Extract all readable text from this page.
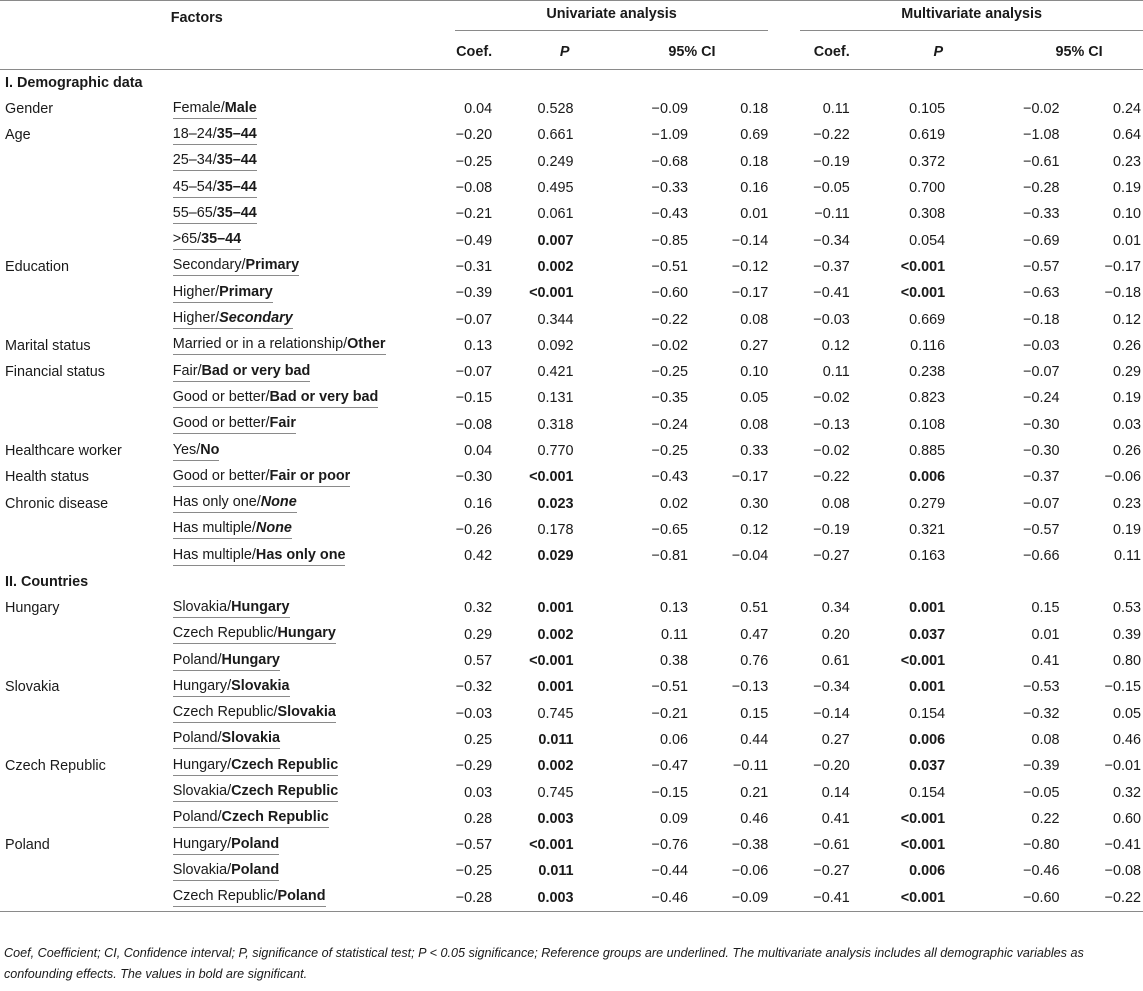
	Factors	Univariate analysis				Multivariate analysis			

		Coef.	P	95% CI		Coef.	P	95% CI	

I. Demographic data									
Gender	Female/Male	0.04	0.528	−0.09	0.18	0.11	0.105	−0.02	0.24
Age	18–24/35–44	−0.20	0.661	−1.09	0.69	−0.22	0.619	−1.08	0.64
	25–34/35–44	−0.25	0.249	−0.68	0.18	−0.19	0.372	−0.61	0.23
	45–54/35–44	−0.08	0.495	−0.33	0.16	−0.05	0.700	−0.28	0.19
	55–65/35–44	−0.21	0.061	−0.43	0.01	−0.11	0.308	−0.33	0.10
	>65/35–44	−0.49	0.007	−0.85	−0.14	−0.34	0.054	−0.69	0.01
Education	Secondary/Primary	−0.31	0.002	−0.51	−0.12	−0.37	<0.001	−0.57	−0.17
	Higher/Primary	−0.39	<0.001	−0.60	−0.17	−0.41	<0.001	−0.63	−0.18
	Higher/Secondary	−0.07	0.344	−0.22	0.08	−0.03	0.669	−0.18	0.12
Marital status	Married or in a relationship/Other	0.13	0.092	−0.02	0.27	0.12	0.116	−0.03	0.26
Financial status	Fair/Bad or very bad	−0.07	0.421	−0.25	0.10	0.11	0.238	−0.07	0.29
	Good or better/Bad or very bad	−0.15	0.131	−0.35	0.05	−0.02	0.823	−0.24	0.19
	Good or better/Fair	−0.08	0.318	−0.24	0.08	−0.13	0.108	−0.30	0.03
Healthcare worker	Yes/No	0.04	0.770	−0.25	0.33	−0.02	0.885	−0.30	0.26
Health status	Good or better/Fair or poor	−0.30	<0.001	−0.43	−0.17	−0.22	0.006	−0.37	−0.06
Chronic disease	Has only one/None	0.16	0.023	0.02	0.30	0.08	0.279	−0.07	0.23
	Has multiple/None	−0.26	0.178	−0.65	0.12	−0.19	0.321	−0.57	0.19
	Has multiple/Has only one	0.42	0.029	−0.81	−0.04	−0.27	0.163	−0.66	0.11
II. Countries									
Hungary	Slovakia/Hungary	0.32	0.001	0.13	0.51	0.34	0.001	0.15	0.53
	Czech Republic/Hungary	0.29	0.002	0.11	0.47	0.20	0.037	0.01	0.39
	Poland/Hungary	0.57	<0.001	0.38	0.76	0.61	<0.001	0.41	0.80
Slovakia	Hungary/Slovakia	−0.32	0.001	−0.51	−0.13	−0.34	0.001	−0.53	−0.15
	Czech Republic/Slovakia	−0.03	0.745	−0.21	0.15	−0.14	0.154	−0.32	0.05
	Poland/Slovakia	0.25	0.011	0.06	0.44	0.27	0.006	0.08	0.46
Czech Republic	Hungary/Czech Republic	−0.29	0.002	−0.47	−0.11	−0.20	0.037	−0.39	−0.01
	Slovakia/Czech Republic	0.03	0.745	−0.15	0.21	0.14	0.154	−0.05	0.32
	Poland/Czech Republic	0.28	0.003	0.09	0.46	0.41	<0.001	0.22	0.60
Poland	Hungary/Poland	−0.57	<0.001	−0.76	−0.38	−0.61	<0.001	−0.80	−0.41
	Slovakia/Poland	−0.25	0.011	−0.44	−0.06	−0.27	0.006	−0.46	−0.08
	Czech Republic/Poland	−0.28	0.003	−0.46	−0.09	−0.41	<0.001	−0.60	−0.22

Coef, Coefficient; CI, Confidence interval; P, significance of statistical test; P < 0.05 significance; Reference groups are underlined. The multivariate analysis includes all demographic variables as confounding effects. The values in bold are significant.
